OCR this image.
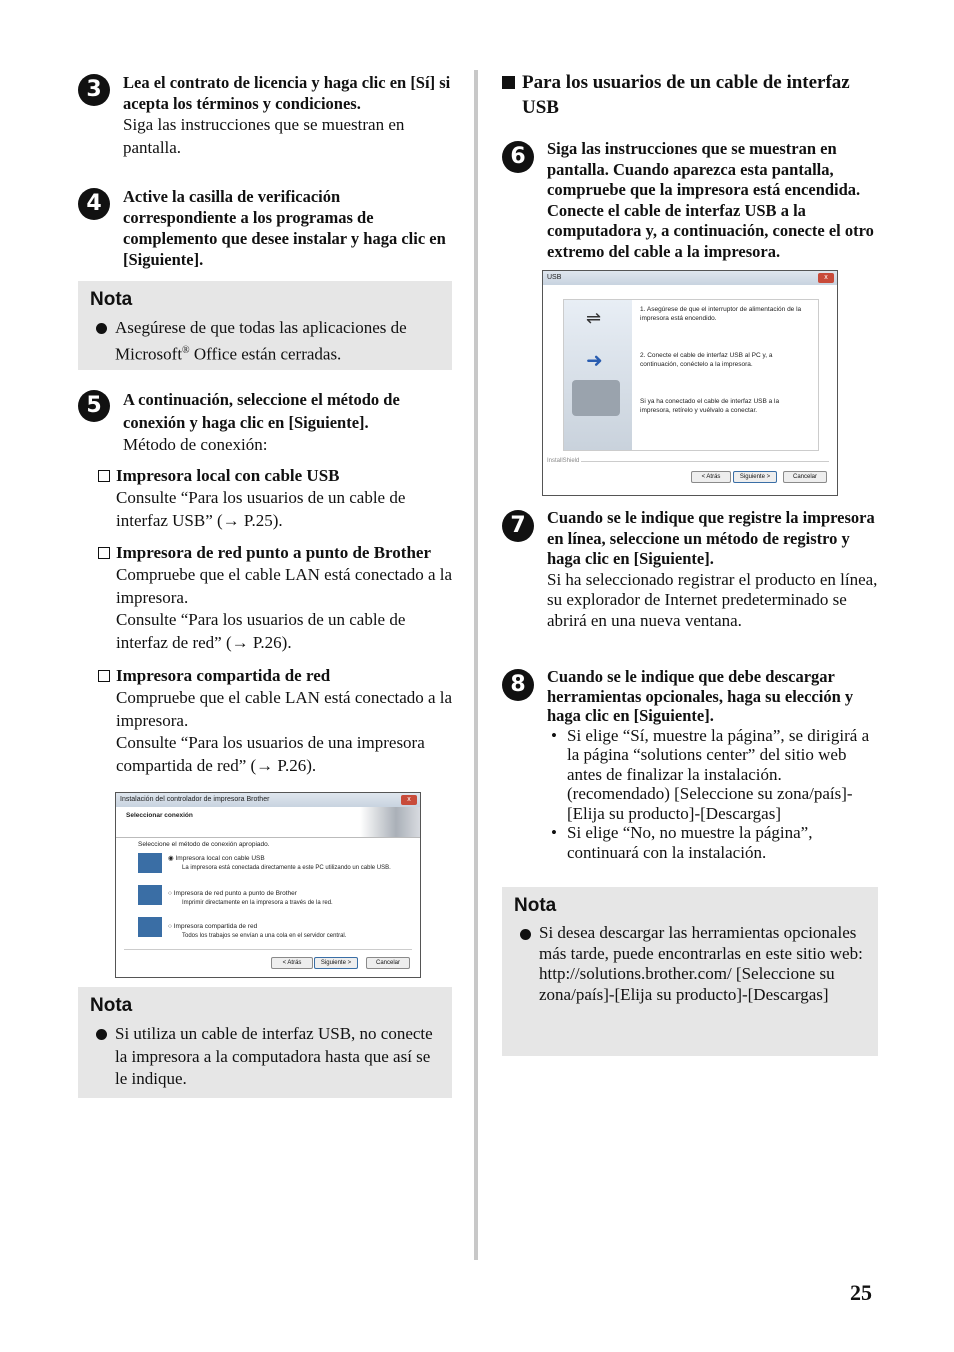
3	Lea el contrato de licencia y haga clic en [Sí] si acepta los términos y condiciones.
Siga las instrucciones que se muestran en pantalla.
4	Active la casilla de verificación correspondiente a los programas de complemento que desee instalar y haga clic en [Siguiente].
Nota
Asegúrese de que todas las aplicaciones de Microsoft® Office están cerradas.
5	A continuación, seleccione el método de conexión y haga clic en [Siguiente].
Método de conexión:
Impresora local con cable USB
Consulte “Para los usuarios de un cable de interfaz USB” (→ P.25).
Impresora de red punto a punto de Brother
Compruebe que el cable LAN está conectado a la impresora.
Consulte “Para los usuarios de un cable de interfaz de red” (→ P.26).
Impresora compartida de red
Compruebe que el cable LAN está conectado a la impresora.
Consulte “Para los usuarios de una impresora compartida de red” (→ P.26).
Instalación del controlador de impresora Brother	x
Seleccionar conexión
Seleccione el método de conexión apropiado.
◉ Impresora local con cable USB
La impresora está conectada directamente a este PC utilizando un cable USB.
○ Impresora de red punto a punto de Brother
Imprimir directamente en la impresora a través de la red.
○ Impresora compartida de red
Todos los trabajos se envían a una cola en el servidor central.
< Atrás	Siguiente >	Cancelar
Nota
Si utiliza un cable de interfaz USB, no conecte la impresora a la computadora hasta que así se le indique.
Para los usuarios de un cable de interfaz USB
6	Siga las instrucciones que se muestran en pantalla. Cuando aparezca esta pantalla, compruebe que la impresora está encendida. Conecte el cable de interfaz USB a la computadora y, a continuación, conecte el otro extremo del cable a la impresora.
USB	x
⇌
➜
1. Asegúrese de que el interruptor de alimentación de la impresora está encendido.
2. Conecte el cable de interfaz USB al PC y, a continuación, conéctelo a la impresora.
Si ya ha conectado el cable de interfaz USB a la impresora, retírelo y vuélvalo a conectar.
InstallShield
< Atrás	Siguiente >	Cancelar
7	Cuando se le indique que registre la impresora en línea, seleccione un método de registro y haga clic en [Siguiente].
Si ha seleccionado registrar el producto en línea, su explorador de Internet predeterminado se abrirá en una nueva ventana.
8	Cuando se le indique que debe descargar herramientas opcionales, haga su elección y haga clic en [Siguiente].
• Si elige “Sí, muestre la página”, se dirigirá a la página “solutions center” del sitio web antes de finalizar la instalación. (recomendado) [Seleccione su zona/país]-[Elija su producto]-[Descargas]
• Si elige “No, no muestre la página”, continuará con la instalación.
Nota
Si desea descargar las herramientas opcionales más tarde, puede encontrarlas en este sitio web: http://solutions.brother.com/ [Seleccione su zona/país]-[Elija su producto]-[Descargas]
25
